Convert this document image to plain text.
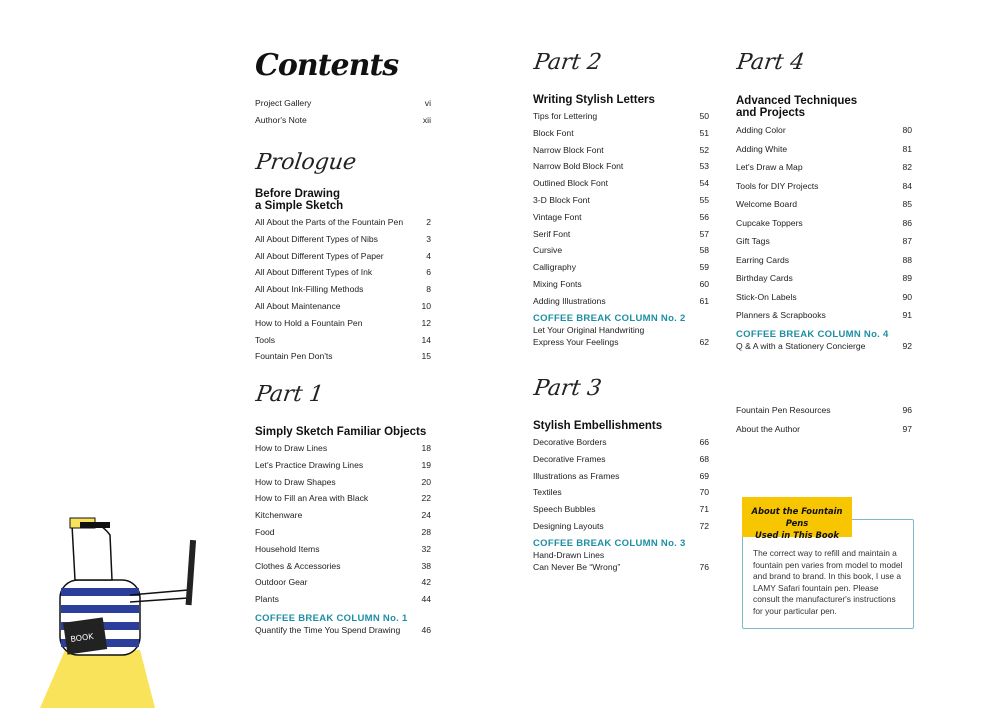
Contents
Project Gallery	vi
Author's Note	xii
Prologue
Before Drawing
a Simple Sketch
All About the Parts of the Fountain Pen	2
All About Different Types of Nibs	3
All About Different Types of Paper	4
All About Different Types of Ink	6
All About Ink-Filling Methods	8
All About Maintenance	10
How to Hold a Fountain Pen	12
Tools	14
Fountain Pen Don'ts	15
Part 1
Simply Sketch Familiar Objects
How to Draw Lines	18
Let's Practice Drawing Lines	19
How to Draw Shapes	20
How to Fill an Area with Black	22
Kitchenware	24
Food	28
Household Items	32
Clothes & Accessories	38
Outdoor Gear	42
Plants	44
COFFEE BREAK COLUMN No. 1
Quantify the Time You Spend Drawing 46
Part 2
Writing Stylish Letters
Tips for Lettering	50
Block Font	51
Narrow Block Font	52
Narrow Bold Block Font	53
Outlined Block Font	54
3-D Block Font	55
Vintage Font	56
Serif Font	57
Cursive	58
Calligraphy	59
Mixing Fonts	60
Adding Illustrations	61
COFFEE BREAK COLUMN No. 2
Let Your Original Handwriting
Express Your Feelings	62
Part 3
Stylish Embellishments
Decorative Borders	66
Decorative Frames	68
Illustrations as Frames	69
Textiles	70
Speech Bubbles	71
Designing Layouts	72
COFFEE BREAK COLUMN No. 3
Hand-Drawn Lines
Can Never Be “Wrong”	76
Part 4
Advanced Techniques
and Projects
Adding Color	80
Adding White	81
Let's Draw a Map	82
Tools for DIY Projects	84
Welcome Board	85
Cupcake Toppers	86
Gift Tags	87
Earring Cards	88
Birthday Cards	89
Stick-On Labels	90
Planners & Scrapbooks	91
COFFEE BREAK COLUMN No. 4
Q & A with a Stationery Concierge	92
Fountain Pen Resources	96
About the Author	97
The correct way to refill and maintain a fountain pen varies from model to model and brand to brand. In this book, I use a LAMY Safari fountain pen. Please consult the manufacturer's instructions for your particular pen.
About the Fountain Pens
Used in This Book
BOOK
